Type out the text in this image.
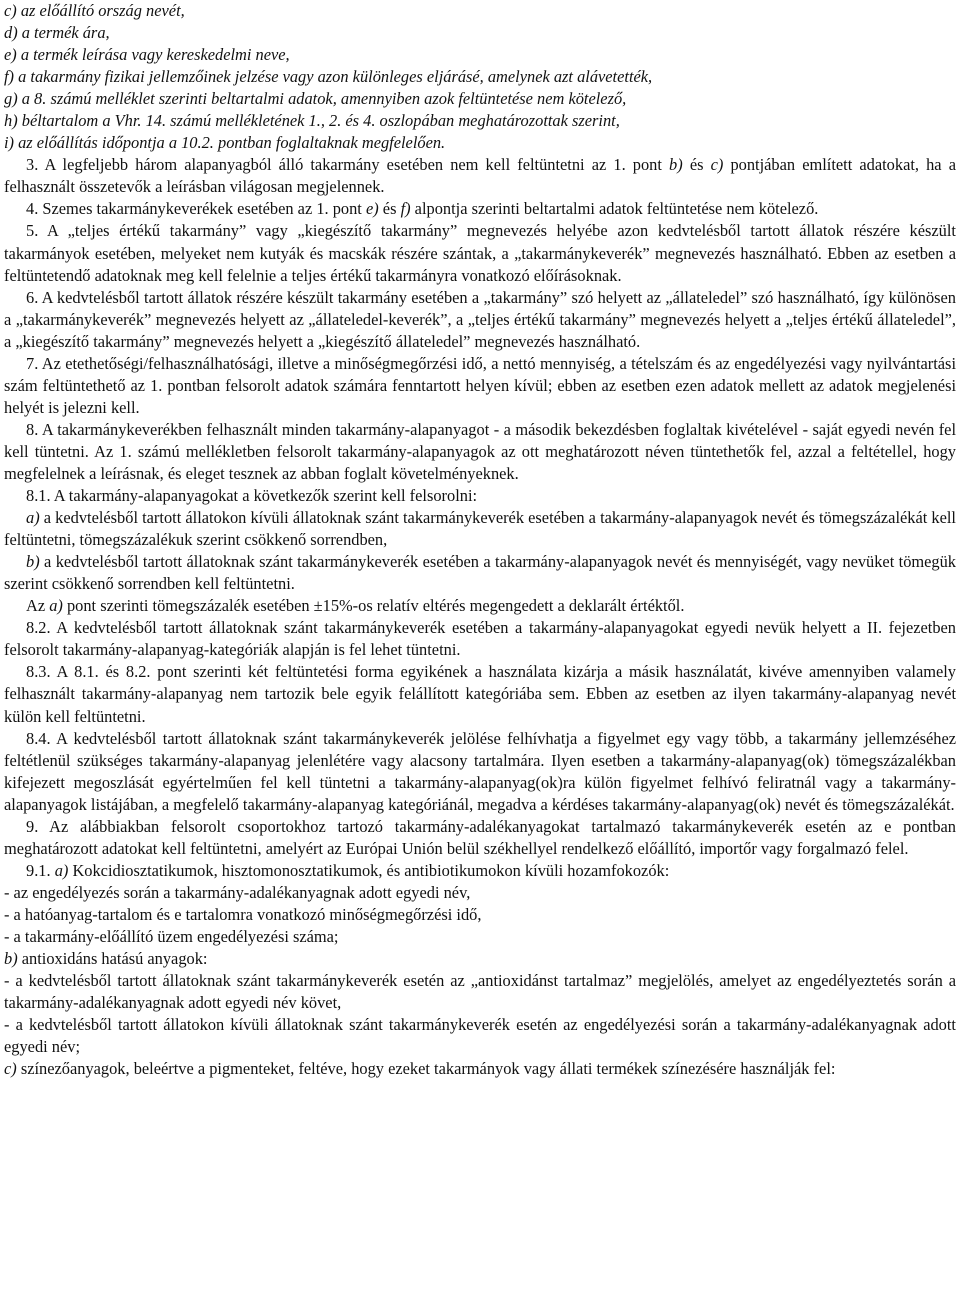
c) az előállító ország nevét,

d) a termék ára,

e) a termék leírása vagy kereskedelmi neve,

f) a takarmány fizikai jellemzőinek jelzése vagy azon különleges eljárásé, amelynek azt alávetették,

g) a 8. számú melléklet szerinti beltartalmi adatok, amennyiben azok feltüntetése nem kötelező,

h) béltartalom a Vhr. 14. számú mellékletének 1., 2. és 4. oszlopában meghatározottak szerint,

i) az előállítás időpontja a 10.2. pontban foglaltaknak megfelelően.

3. A legfeljebb három alapanyagból álló takarmány esetében nem kell feltüntetni az 1. pont b) és c) pontjában említett adatokat, ha a felhasznált összetevők a leírásban világosan megjelennek.

4. Szemes takarmánykeverékek esetében az 1. pont e) és f) alpontja szerinti beltartalmi adatok feltüntetése nem kötelező.

5. A „teljes értékű takarmány” vagy „kiegészítő takarmány” megnevezés helyébe azon kedvtelésből tartott állatok részére készült takarmányok esetében, melyeket nem kutyák és macskák részére szántak, a „takarmánykeverék” megnevezés használható. Ebben az esetben a feltüntetendő adatoknak meg kell felelnie a teljes értékű takarmányra vonatkozó előírásoknak.

6. A kedvtelésből tartott állatok részére készült takarmány esetében a „takarmány” szó helyett az „állateledel” szó használható, így különösen a „takarmánykeverék” megnevezés helyett az „állateledel-keverék”, a „teljes értékű takarmány” megnevezés helyett a „teljes értékű állateledel”, a „kiegészítő takarmány” megnevezés helyett a „kiegészítő állateledel” megnevezés használható.

7. Az etethetőségi/felhasználhatósági, illetve a minőségmegőrzési idő, a nettó mennyiség, a tételszám és az engedélyezési vagy nyilvántartási szám feltüntethető az 1. pontban felsorolt adatok számára fenntartott helyen kívül; ebben az esetben ezen adatok mellett az adatok megjelenési helyét is jelezni kell.

8. A takarmánykeverékben felhasznált minden takarmány-alapanyagot - a második bekezdésben foglaltak kivételével - saját egyedi nevén fel kell tüntetni. Az 1. számú mellékletben felsorolt takarmány-alapanyagok az ott meghatározott néven tüntethetők fel, azzal a feltétellel, hogy megfelelnek a leírásnak, és eleget tesznek az abban foglalt követelményeknek.

8.1. A takarmány-alapanyagokat a következők szerint kell felsorolni:

a) a kedvtelésből tartott állatokon kívüli állatoknak szánt takarmánykeverék esetében a takarmány-alapanyagok nevét és tömegszázalékát kell feltüntetni, tömegszázalékuk szerint csökkenő sorrendben,

b) a kedvtelésből tartott állatoknak szánt takarmánykeverék esetében a takarmány-alapanyagok nevét és mennyiségét, vagy nevüket tömegük szerint csökkenő sorrendben kell feltüntetni.

Az a) pont szerinti tömegszázalék esetében ±15%-os relatív eltérés megengedett a deklarált értéktől.

8.2. A kedvtelésből tartott állatoknak szánt takarmánykeverék esetében a takarmány-alapanyagokat egyedi nevük helyett a II. fejezetben felsorolt takarmány-alapanyag-kategóriák alapján is fel lehet tüntetni.

8.3. A 8.1. és 8.2. pont szerinti két feltüntetési forma egyikének a használata kizárja a másik használatát, kivéve amennyiben valamely felhasznált takarmány-alapanyag nem tartozik bele egyik felállított kategóriába sem. Ebben az esetben az ilyen takarmány-alapanyag nevét külön kell feltüntetni.

8.4. A kedvtelésből tartott állatoknak szánt takarmánykeverék jelölése felhívhatja a figyelmet egy vagy több, a takarmány jellemzéséhez feltétlenül szükséges takarmány-alapanyag jelenlétére vagy alacsony tartalmára. Ilyen esetben a takarmány-alapanyag(ok) tömegszázalékban kifejezett megoszlását egyértelműen fel kell tüntetni a takarmány-alapanyag(ok)ra külön figyelmet felhívó feliratnál vagy a takarmány-alapanyagok listájában, a megfelelő takarmány-alapanyag kategóriánál, megadva a kérdéses takarmány-alapanyag(ok) nevét és tömegszázalékát.

9. Az alábbiakban felsorolt csoportokhoz tartozó takarmány-adalékanyagokat tartalmazó takarmánykeverék esetén az e pontban meghatározott adatokat kell feltüntetni, amelyért az Európai Unión belül székhellyel rendelkező előállító, importőr vagy forgalmazó felel.

9.1. a) Kokcidiosztatikumok, hisztomonosztatikumok, és antibiotikumokon kívüli hozamfokozók:

- az engedélyezés során a takarmány-adalékanyagnak adott egyedi név,

- a hatóanyag-tartalom és e tartalomra vonatkozó minőségmegőrzési idő,

- a takarmány-előállító üzem engedélyezési száma;

b) antioxidáns hatású anyagok:

- a kedvtelésből tartott állatoknak szánt takarmánykeverék esetén az „antioxidánst tartalmaz” megjelölés, amelyet az engedélyeztetés során a takarmány-adalékanyagnak adott egyedi név követ,

- a kedvtelésből tartott állatokon kívüli állatoknak szánt takarmánykeverék esetén az engedélyezési során a takarmány-adalékanyagnak adott egyedi név;

c) színezőanyagok, beleértve a pigmenteket, feltéve, hogy ezeket takarmányok vagy állati termékek színezésére használják fel:
